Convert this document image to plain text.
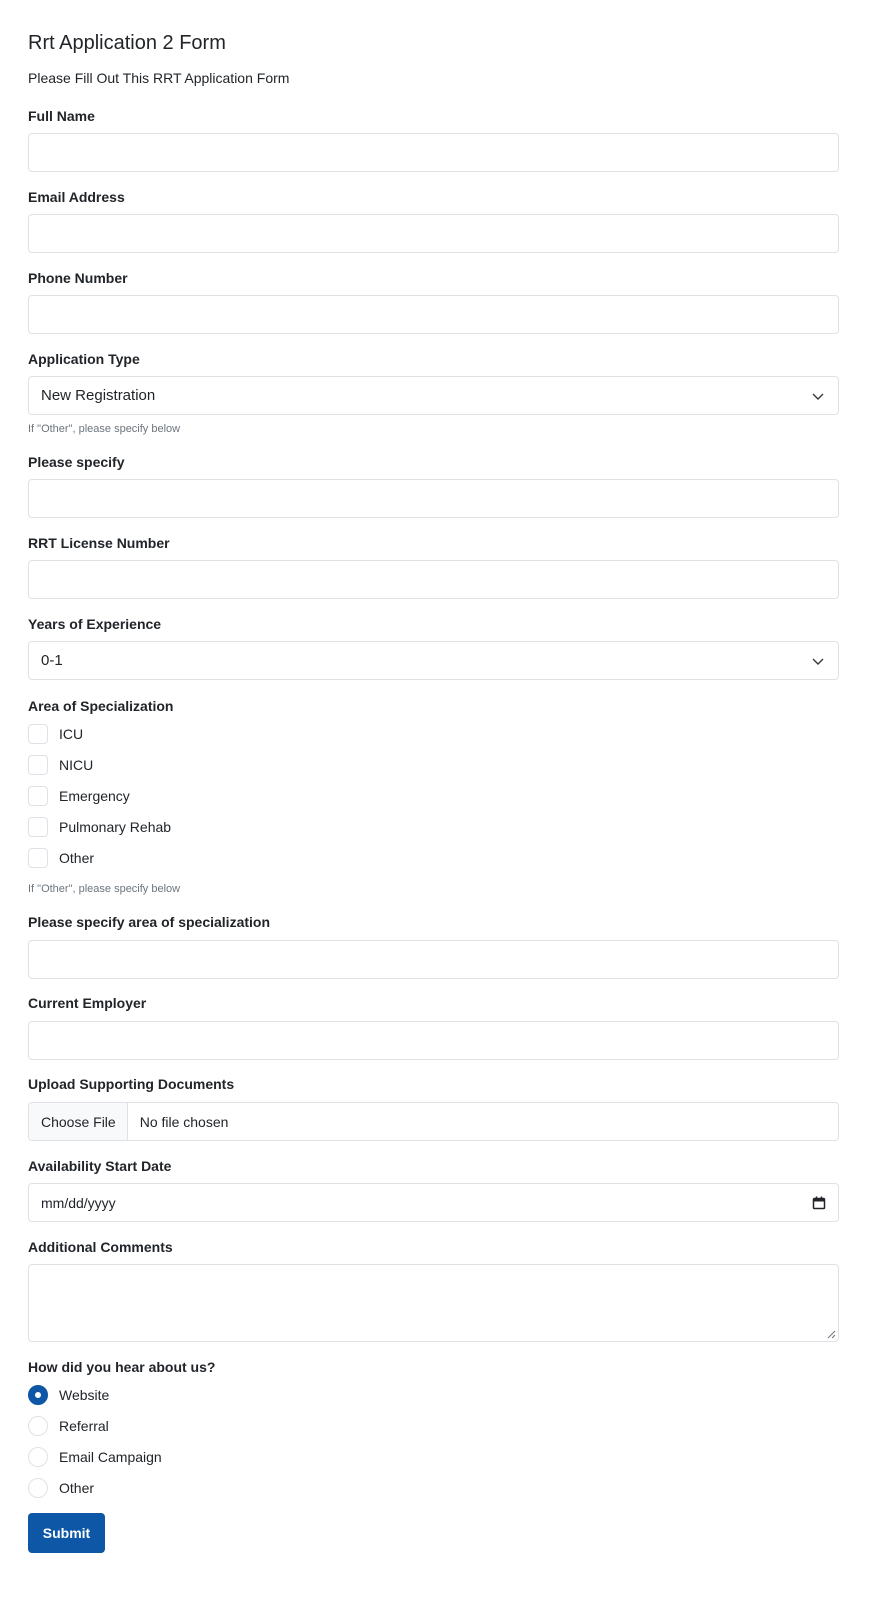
Rrt Application 2 Form

Please Fill Out This RRT Application Form

Full Name
Email Address
Phone Number
Application Type
New Registration
If "Other", please specify below
Please specify
RRT License Number
Years of Experience
0-1
Area of Specialization
ICU
NICU
Emergency
Pulmonary Rehab
Other
If "Other", please specify below
Please specify area of specialization
Current Employer
Upload Supporting Documents
Choose File	No file chosen
Availability Start Date
mm/dd/yyyy
Additional Comments
How did you hear about us?
Website
Referral
Email Campaign
Other
Submit
